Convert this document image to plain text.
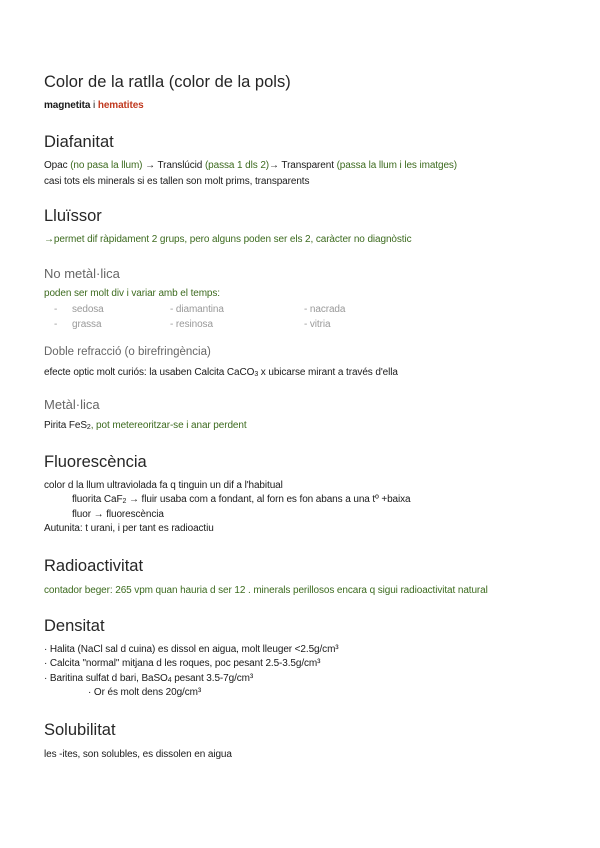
Color de la ratlla (color de la pols)
magnetita i hematites
Diafanitat
Opac (no pasa la llum) → Translúcid (passa 1 dls 2)→ Transparent (passa la llum i les imatges)
casi tots els minerals si es tallen son molt prims, transparents
Lluïssor
→permet dif ràpidament 2 grups, pero alguns poden ser els 2, caràcter no diagnòstic
No metàl·lica
poden ser molt div i variar amb el temps:
- sedosa	- diamantina	- nacrada
- grassa	- resinosa	- vitria
Doble refracció (o birefringència)
efecte optic molt curiós: la usaben Calcita CaCO3 x ubicarse mirant a través d'ella
Metàl·lica
Pirita FeS2, pot metereoritzar-se i anar perdent
Fluorescència
color d la llum ultraviolada fa q tinguin un dif a l'habitual
fluorita CaF2 → fluir usaba com a fondant, al forn es fon abans a una tº +baixa
fluor → fluorescència
Autunita: t urani, i per tant es radioactiu
Radioactivitat
contador beger: 265 vpm quan hauria d ser 12 . minerals perillosos encara q sigui radioactivitat natural
Densitat
· Halita (NaCl sal d cuina) es dissol en aigua, molt lleuger <2.5g/cm³
· Calcita "normal" mitjana d les roques, poc pesant 2.5-3.5g/cm³
· Baritina sulfat d bari, BaSO4 pesant 3.5-7g/cm³
· Or és molt dens 20g/cm³
Solubilitat
les -ites, son solubles, es dissolen en aigua
